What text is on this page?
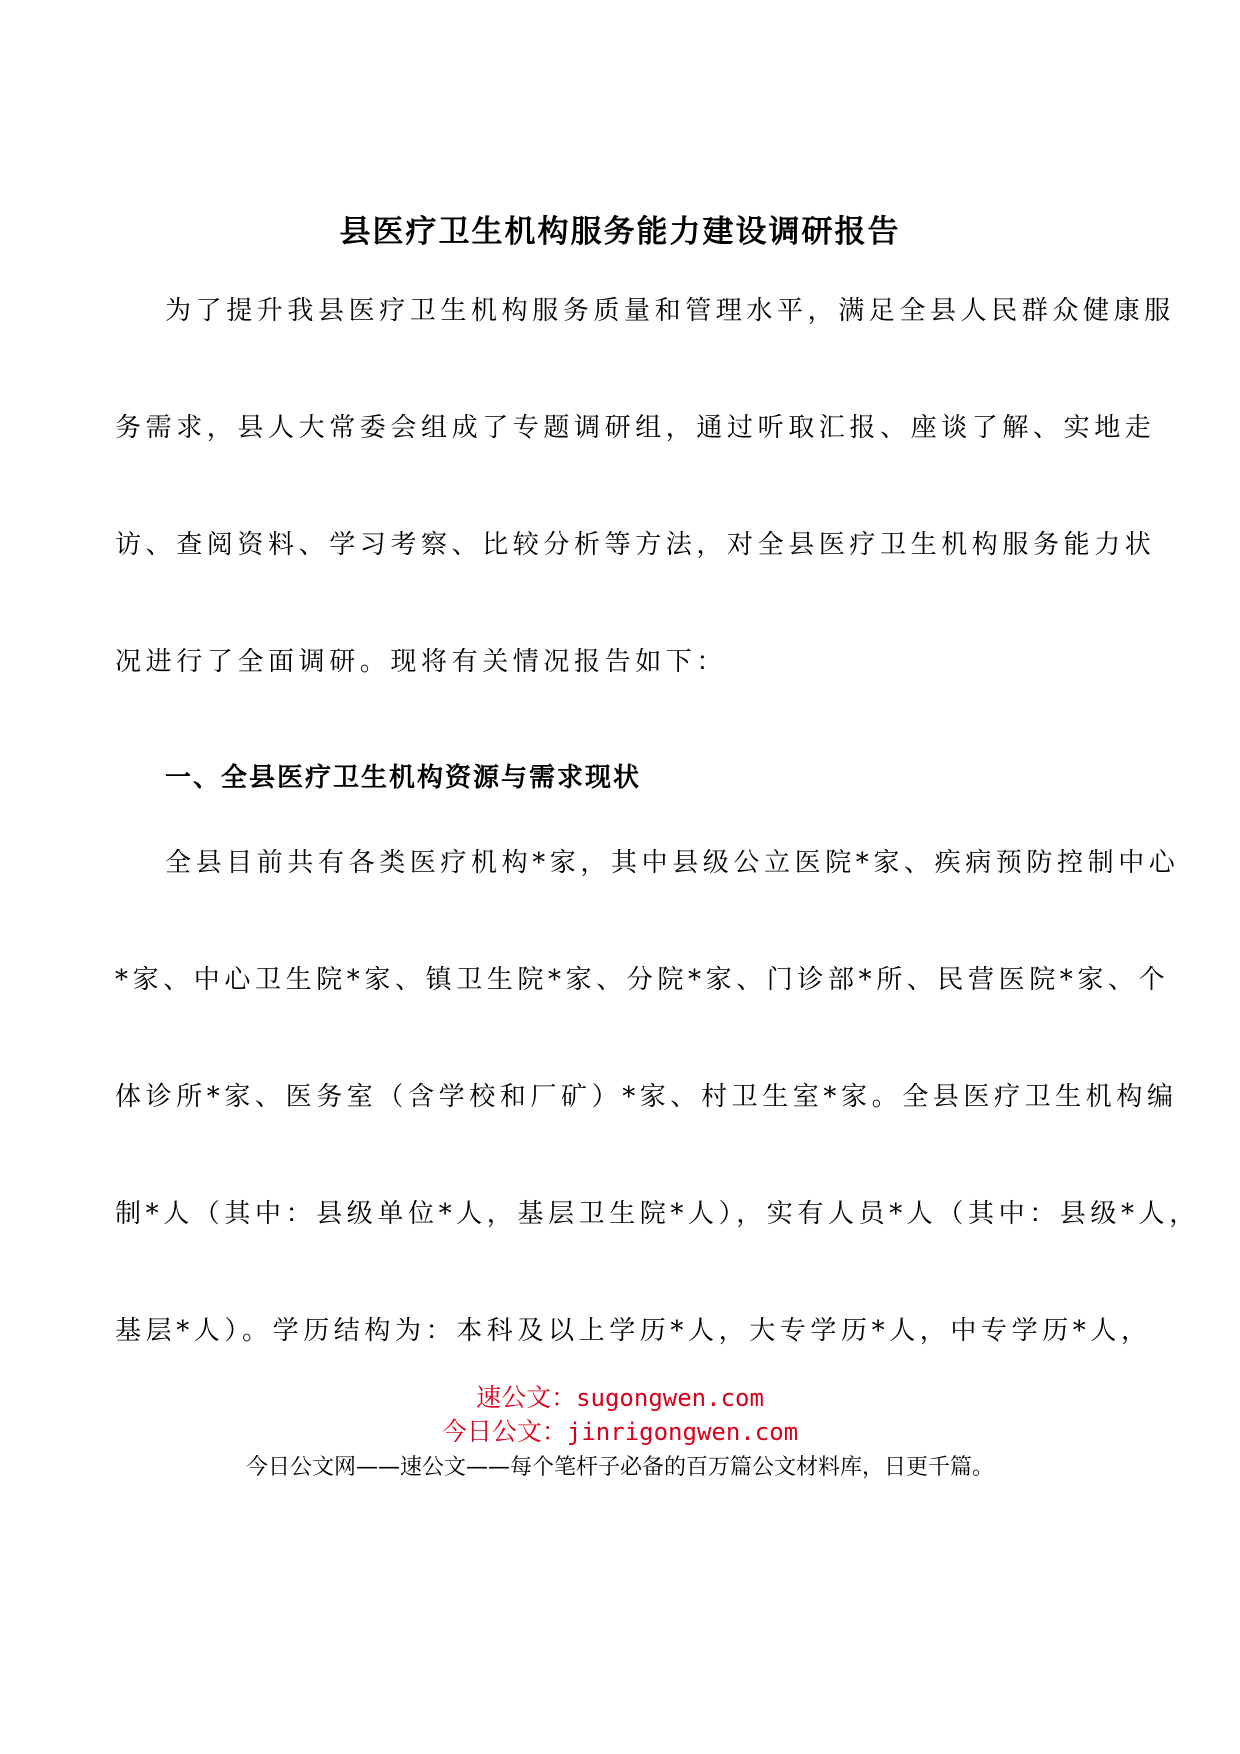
县医疗卫生机构服务能力建设调研报告
为了提升我县医疗卫生机构服务质量和管理水平，满足全县人民群众健康服
务需求，县人大常委会组成了专题调研组，通过听取汇报、座谈了解、实地走
访、查阅资料、学习考察、比较分析等方法，对全县医疗卫生机构服务能力状
况进行了全面调研。现将有关情况报告如下：
一、全县医疗卫生机构资源与需求现状
全县目前共有各类医疗机构*家，其中县级公立医院*家、疾病预防控制中心
*家、中心卫生院*家、镇卫生院*家、分院*家、门诊部*所、民营医院*家、个
体诊所*家、医务室（含学校和厂矿）*家、村卫生室*家。全县医疗卫生机构编
制*人（其中：县级单位*人，基层卫生院*人），实有人员*人（其中：县级*人，
基层*人）。学历结构为：本科及以上学历*人，大专学历*人，中专学历*人，
速公文：sugongwen.com
今日公文：jinrigongwen.com
今日公文网——速公文——每个笔杆子必备的百万篇公文材料库，日更千篇。
